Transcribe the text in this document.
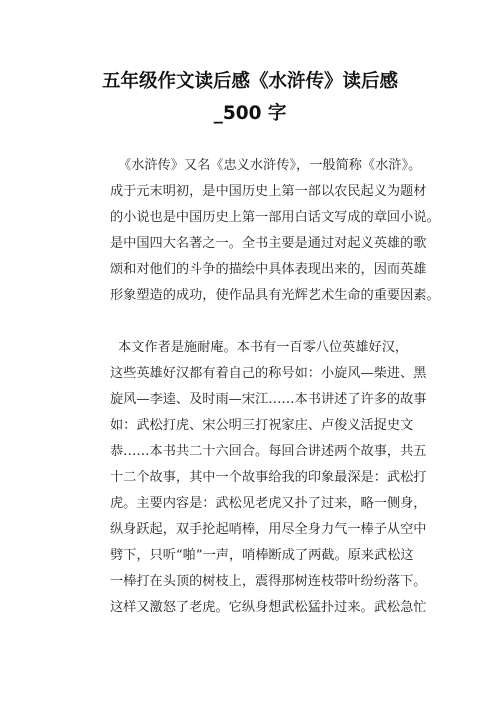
五年级作文读后感《水浒传》读后感
_500 字
《水浒传》又名《忠义水浒传》，一般简称《水浒》。
成于元末明初，是中国历史上第一部以农民起义为题材
的小说也是中国历史上第一部用白话文写成的章回小说。
是中国四大名著之一。全书主要是通过对起义英雄的歌
颂和对他们的斗争的描绘中具体表现出来的，因而英雄
形象塑造的成功，使作品具有光辉艺术生命的重要因素。
本文作者是施耐庵。本书有一百零八位英雄好汉，
这些英雄好汉都有着自己的称号如：小旋风—柴进、黑
旋风—李逵、及时雨—宋江……本书讲述了许多的故事
如：武松打虎、宋公明三打祝家庄、卢俊义活捉史文
恭……本书共二十六回合。每回合讲述两个故事，共五
十二个故事，其中一个故事给我的印象最深是：武松打
虎。主要内容是：武松见老虎又扑了过来，略一侧身，
纵身跃起，双手抡起哨棒，用尽全身力气一棒子从空中
劈下，只听“啪”一声，哨棒断成了两截。原来武松这
一棒打在头顶的树枝上，震得那树连枝带叶纷纷落下。
这样又激怒了老虎。它纵身想武松猛扑过来。武松急忙
